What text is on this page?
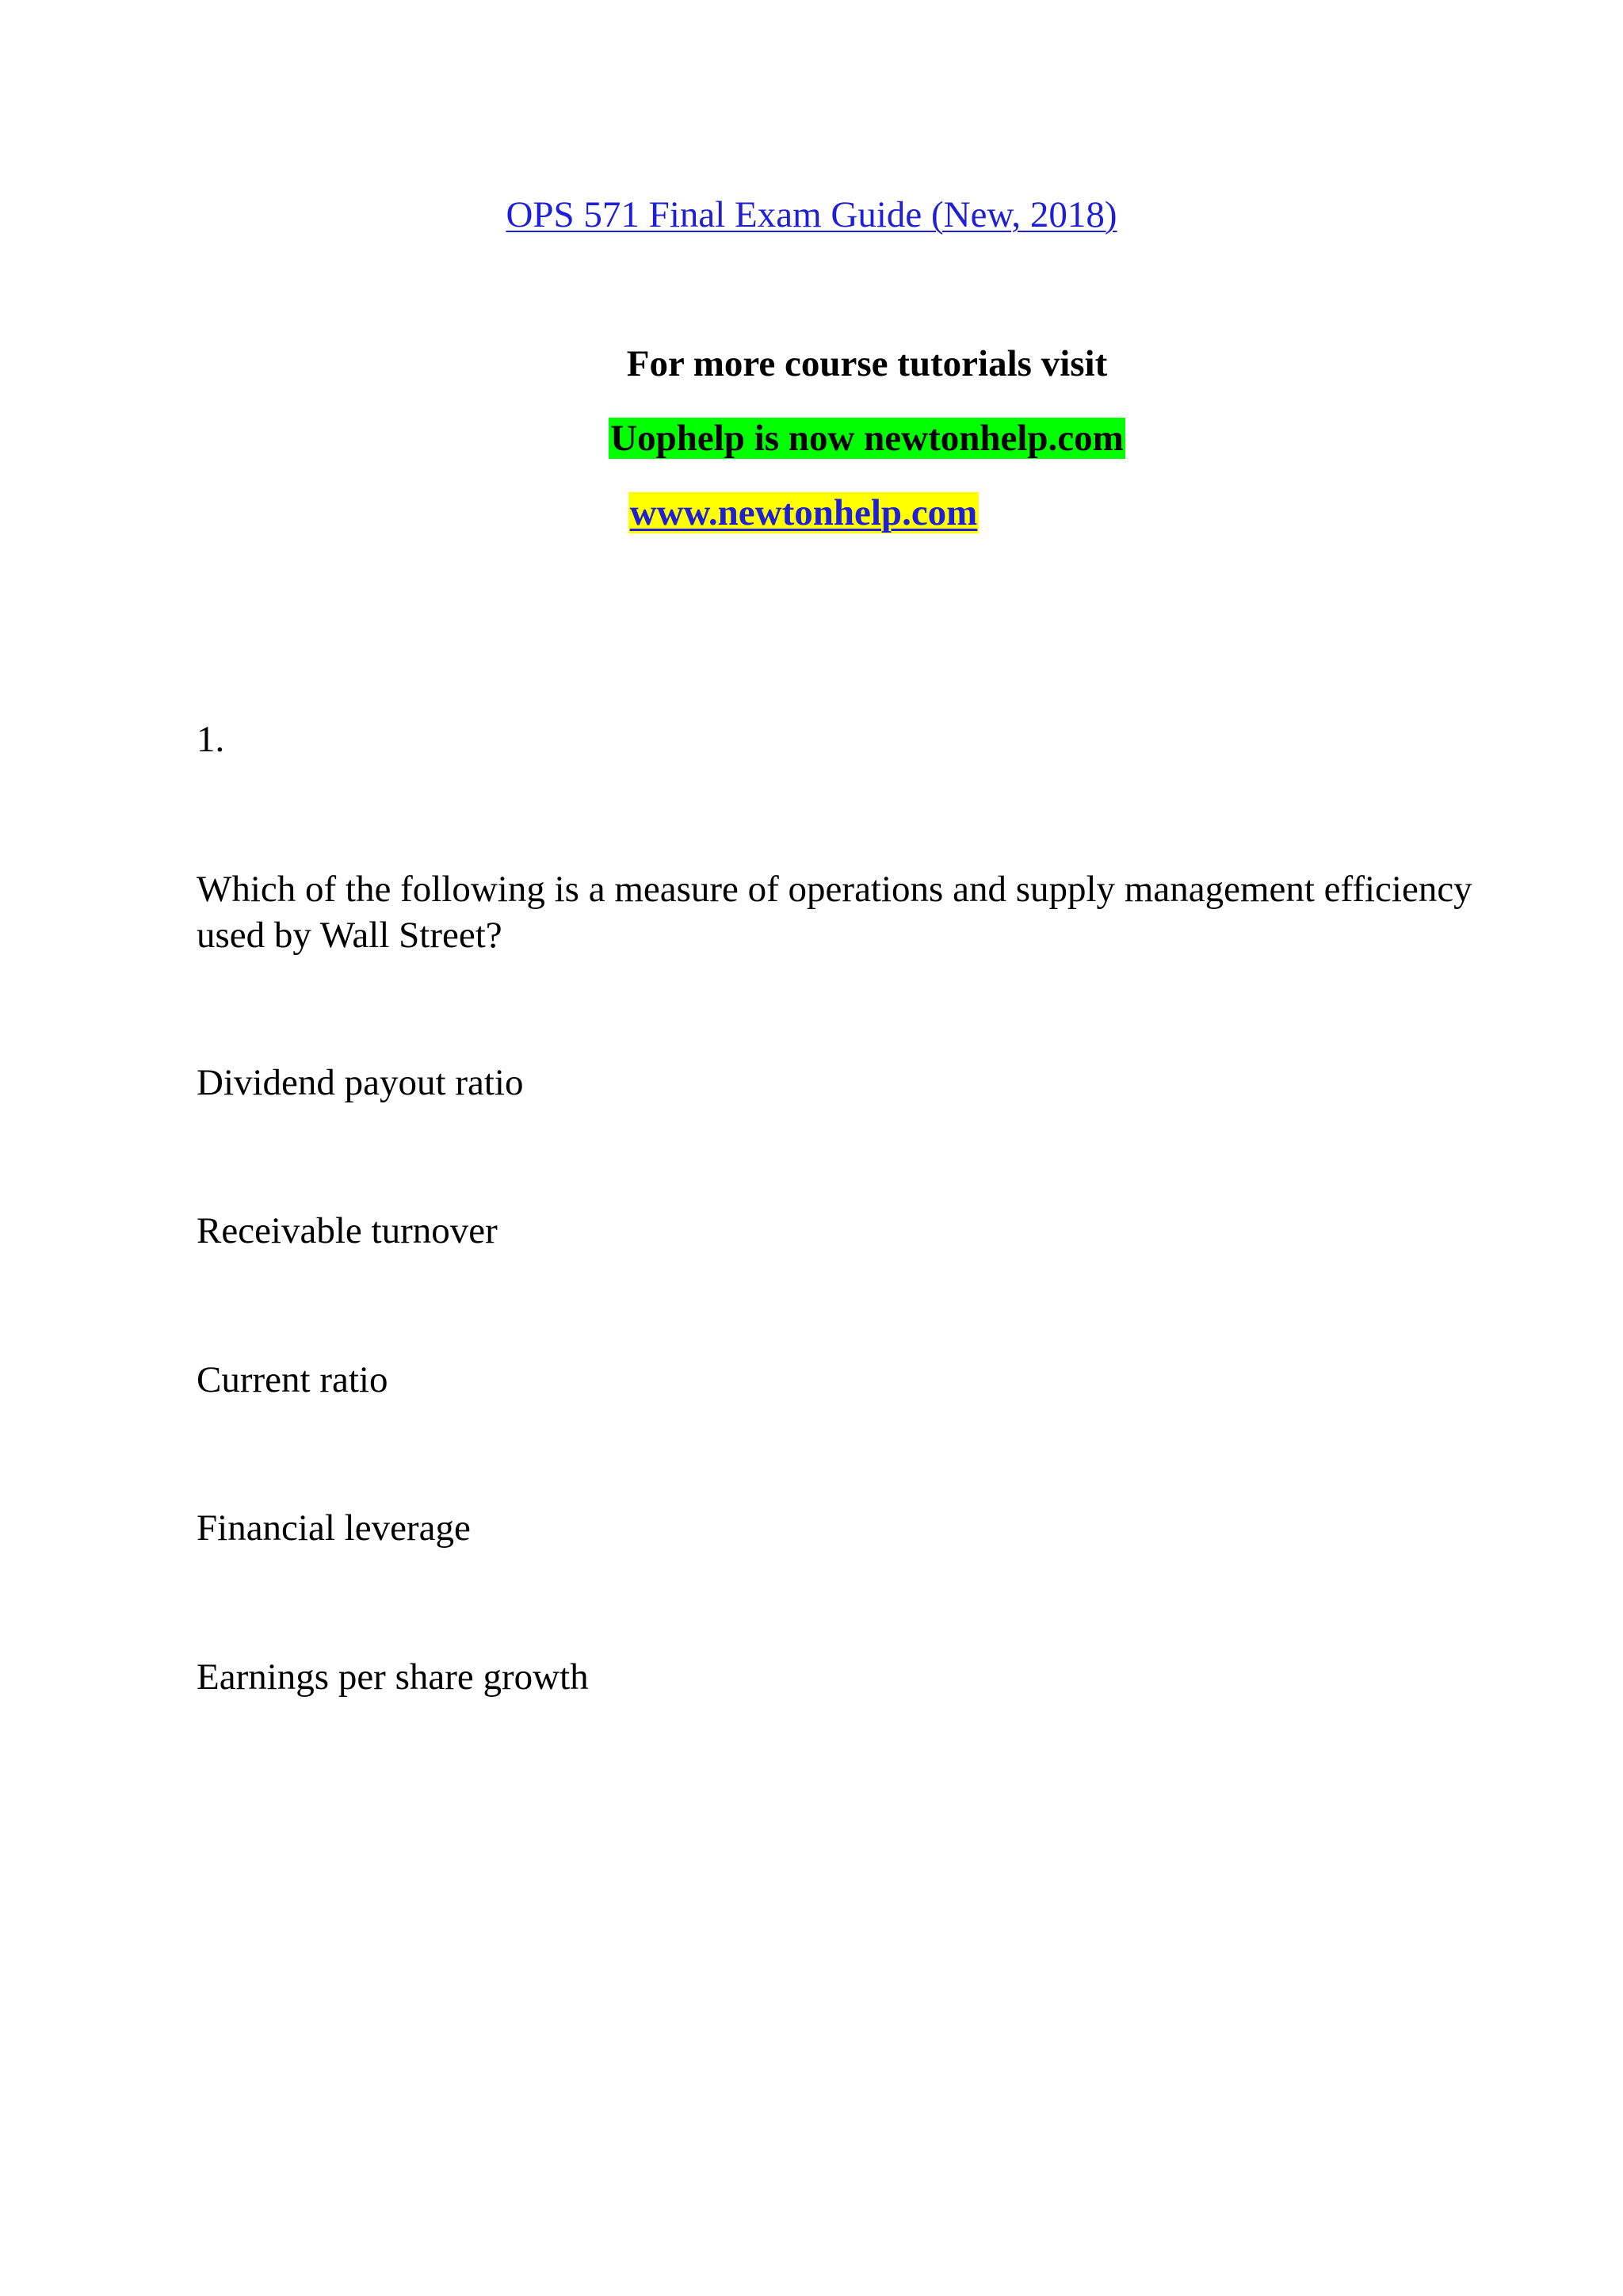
OPS 571 Final Exam Guide (New, 2018)
For more course tutorials visit
Uophelp is now newtonhelp.com
www.newtonhelp.com
1.
Which of the following is a measure of operations and supply management efficiency used by Wall Street?
Dividend payout ratio
Receivable turnover
Current ratio
Financial leverage
Earnings per share growth
